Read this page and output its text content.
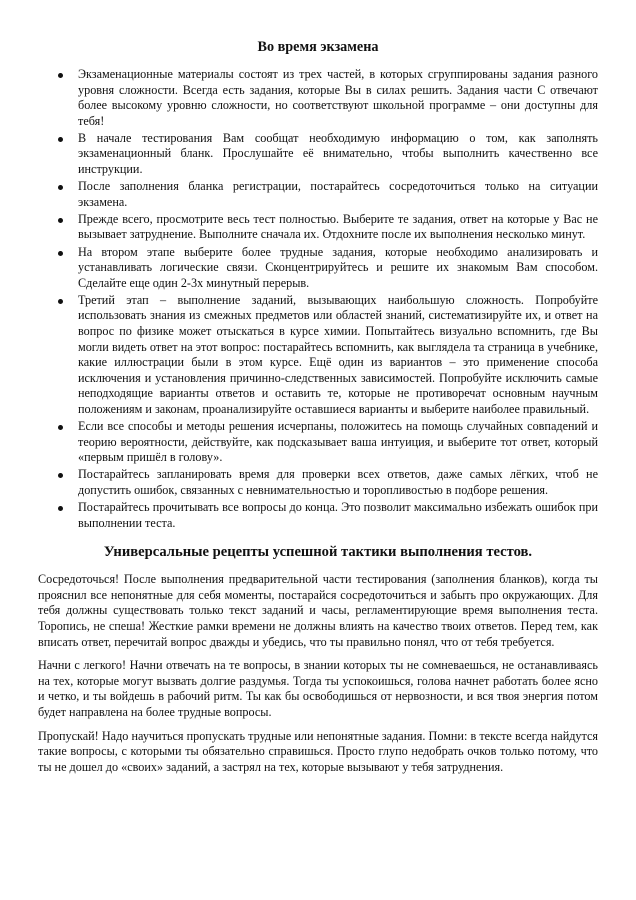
Во время экзамена
Экзаменационные материалы состоят из трех частей, в которых сгруппированы задания разного уровня сложности. Всегда есть задания, которые Вы в силах решить. Задания части С отвечают более высокому уровню сложности, но соответствуют школьной программе – они доступны для тебя!
В начале тестирования Вам сообщат необходимую информацию о том, как заполнять экзаменационный бланк. Прослушайте её внимательно, чтобы выполнить качественно все инструкции.
После заполнения бланка регистрации, постарайтесь сосредоточиться только на ситуации экзамена.
Прежде всего, просмотрите весь тест полностью. Выберите те задания, ответ на которые у Вас не вызывает затруднение. Выполните сначала их. Отдохните после их выполнения несколько минут.
На втором этапе выберите более трудные задания, которые необходимо анализировать и устанавливать логические связи. Сконцентрируйтесь и решите их знакомым Вам способом. Сделайте еще один 2-3х минутный перерыв.
Третий этап – выполнение заданий, вызывающих наибольшую сложность. Попробуйте использовать знания из смежных предметов или областей знаний, систематизируйте их, и ответ на вопрос по физике может отыскаться в курсе химии. Попытайтесь визуально вспомнить, где Вы могли видеть ответ на этот вопрос: постарайтесь вспомнить, как выглядела та страница в учебнике, какие иллюстрации были в этом курсе. Ещё один из вариантов – это применение способа исключения и установления причинно-следственных зависимостей. Попробуйте исключить самые неподходящие варианты ответов и оставить те, которые не противоречат основным научным положениям и законам, проанализируйте оставшиеся варианты и выберите наиболее правильный.
Если все способы и методы решения исчерпаны, положитесь на помощь случайных совпадений и теорию вероятности, действуйте, как подсказывает ваша интуиция, и выберите тот ответ, который «первым пришёл в голову».
Постарайтесь запланировать время для проверки всех ответов, даже самых лёгких, чтоб не допустить ошибок, связанных с невнимательностью и торопливостью в подборе решения.
Постарайтесь прочитывать все вопросы до конца. Это позволит максимально избежать ошибок при выполнении теста.
Универсальные рецепты успешной тактики выполнения тестов.

Сосредоточься! После выполнения предварительной части тестирования (заполнения бланков), когда ты прояснил все непонятные для себя моменты, постарайся сосредоточиться и забыть про окружающих. Для тебя должны существовать только текст заданий и часы, регламентирующие время выполнения теста. Торопись, не спеша! Жесткие рамки времени не должны влиять на качество твоих ответов. Перед тем, как вписать ответ, перечитай вопрос дважды и убедись, что ты правильно понял, что от тебя требуется.

Начни с легкого! Начни отвечать на те вопросы, в знании которых ты не сомневаешься, не останавливаясь на тех, которые могут вызвать долгие раздумья. Тогда ты успокоишься, голова начнет работать более ясно и четко, и ты войдешь в рабочий ритм. Ты как бы освободишься от нервозности, и вся твоя энергия потом будет направлена на более трудные вопросы.

Пропускай! Надо научиться пропускать трудные или непонятные задания. Помни: в тексте всегда найдутся такие вопросы, с которыми ты обязательно справишься. Просто глупо недобрать очков только потому, что ты не дошел до «своих» заданий, а застрял на тех, которые вызывают у тебя затруднения.
